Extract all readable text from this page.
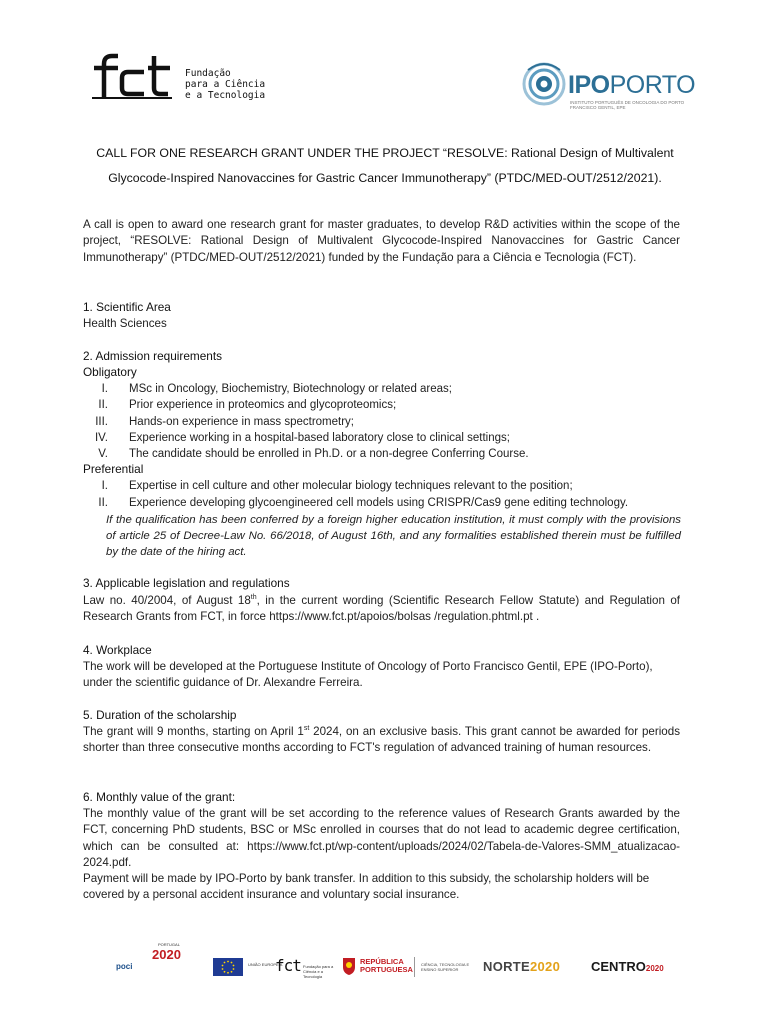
Fundação
para a Ciência
e a Tecnologia	IPOPORTO
INSTITUTO PORTUGUÊS DE ONCOLOGIA DO PORTO FRANCISCO GENTIL, EPE
CALL FOR ONE RESEARCH GRANT UNDER THE PROJECT “RESOLVE: Rational Design of Multivalent
Glycocode-Inspired Nanovaccines for Gastric Cancer Immunotherapy” (PTDC/MED-OUT/2512/2021).
A call is open to award one research grant for master graduates, to develop R&D activities within the scope of the project, “RESOLVE: Rational Design of Multivalent Glycocode-Inspired Nanovaccines for Gastric Cancer Immunotherapy” (PTDC/MED-OUT/2512/2021) funded by the Fundação para a Ciência e Tecnologia (FCT).
1. Scientific Area
Health Sciences
2. Admission requirements
Obligatory
I. MSc in Oncology, Biochemistry, Biotechnology or related areas;
II. Prior experience in proteomics and glycoproteomics;
III. Hands-on experience in mass spectrometry;
IV. Experience working in a hospital-based laboratory close to clinical settings;
V. The candidate should be enrolled in Ph.D. or a non-degree Conferring Course.
Preferential
I. Expertise in cell culture and other molecular biology techniques relevant to the position;
II. Experience developing glycoengineered cell models using CRISPR/Cas9 gene editing technology.
If the qualification has been conferred by a foreign higher education institution, it must comply with the provisions of article 25 of Decree-Law No. 66/2018, of August 16th, and any formalities established therein must be fulfilled by the date of the hiring act.
3. Applicable legislation and regulations
Law no. 40/2004, of August 18th, in the current wording (Scientific Research Fellow Statute) and Regulation of Research Grants from FCT, in force https://www.fct.pt/apoios/bolsas /regulation.phtml.pt .
4. Workplace
The work will be developed at the Portuguese Institute of Oncology of Porto Francisco Gentil, EPE (IPO-Porto), under the scientific guidance of Dr. Alexandre Ferreira.
5. Duration of the scholarship
The grant will 9 months, starting on April 1st 2024, on an exclusive basis. This grant cannot be awarded for periods shorter than three consecutive months according to FCT's regulation of advanced training of human resources.
6. Monthly value of the grant:
The monthly value of the grant will be set according to the reference values of Research Grants awarded by the FCT, concerning PhD students, BSC or MSc enrolled in courses that do not lead to academic degree certification, which can be consulted at: https://www.fct.pt/wp-content/uploads/2024/02/Tabela-de-Valores-SMM_atualizacao-2024.pdf.
Payment will be made by IPO-Porto by bank transfer. In addition to this subsidy, the scholarship holders will be covered by a personal accident insurance and voluntary social insurance.
poci
PORTUGAL
2020
UNIÃO EUROPEIA
fct Fundação para a Ciência e a Tecnologia
REPÚBLICA
PORTUGUESA
CIÊNCIA, TECNOLOGIA E ENSINO SUPERIOR	NORTE2020 CENTRO2020
